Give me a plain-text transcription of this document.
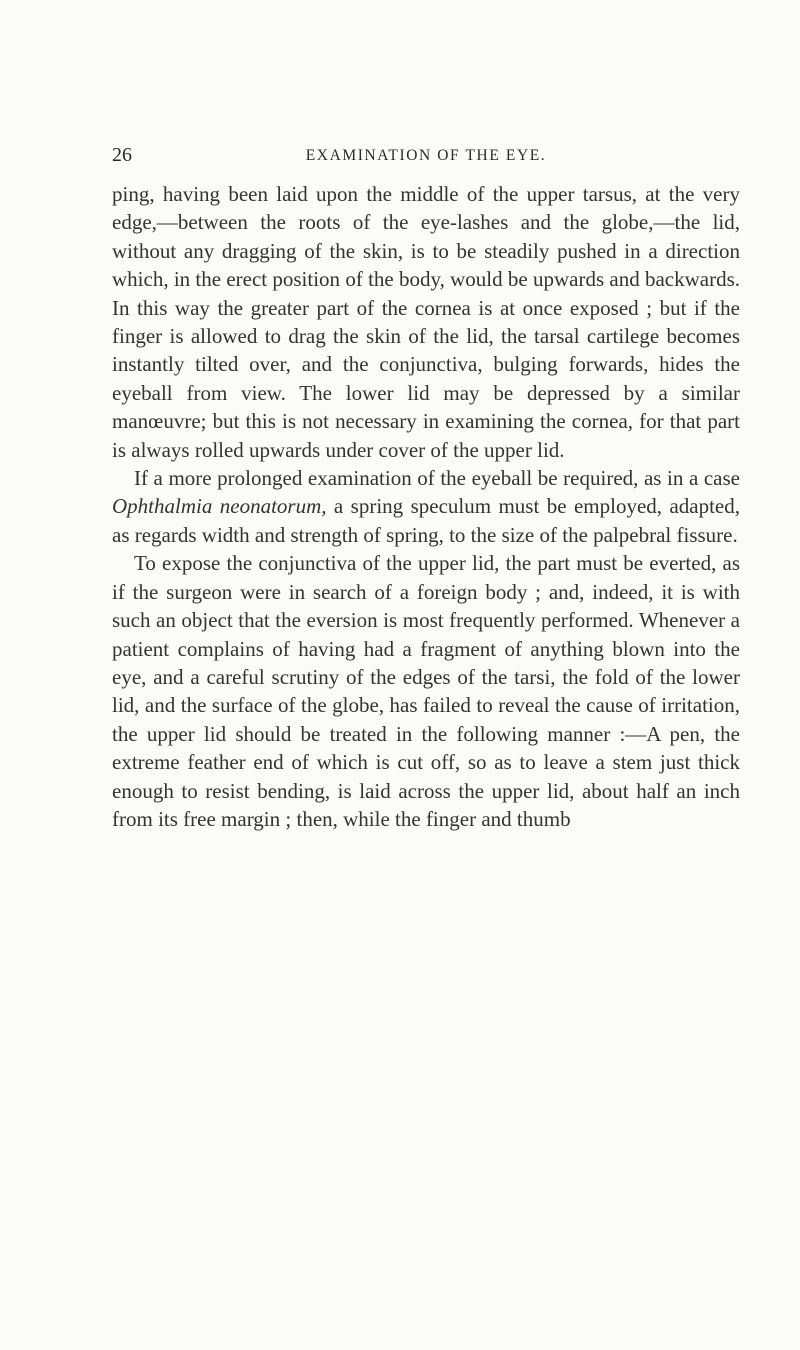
26	EXAMINATION OF THE EYE.

ping, having been laid upon the middle of the upper tarsus, at the very edge,—between the roots of the eye-lashes and the globe,—the lid, without any dragging of the skin, is to be steadily pushed in a direction which, in the erect position of the body, would be upwards and backwards. In this way the greater part of the cornea is at once exposed ; but if the finger is allowed to drag the skin of the lid, the tarsal cartilege becomes instantly tilted over, and the conjunctiva, bulging forwards, hides the eyeball from view. The lower lid may be depressed by a similar manœuvre; but this is not necessary in examining the cornea, for that part is always rolled upwards under cover of the upper lid.

If a more prolonged examination of the eyeball be required, as in a case Ophthalmia neonatorum, a spring speculum must be employed, adapted, as regards width and strength of spring, to the size of the palpebral fissure.

To expose the conjunctiva of the upper lid, the part must be everted, as if the surgeon were in search of a foreign body ; and, indeed, it is with such an object that the eversion is most frequently performed. Whenever a patient complains of having had a fragment of anything blown into the eye, and a careful scrutiny of the edges of the tarsi, the fold of the lower lid, and the surface of the globe, has failed to reveal the cause of irritation, the upper lid should be treated in the following manner :—A pen, the extreme feather end of which is cut off, so as to leave a stem just thick enough to resist bending, is laid across the upper lid, about half an inch from its free margin ; then, while the finger and thumb
